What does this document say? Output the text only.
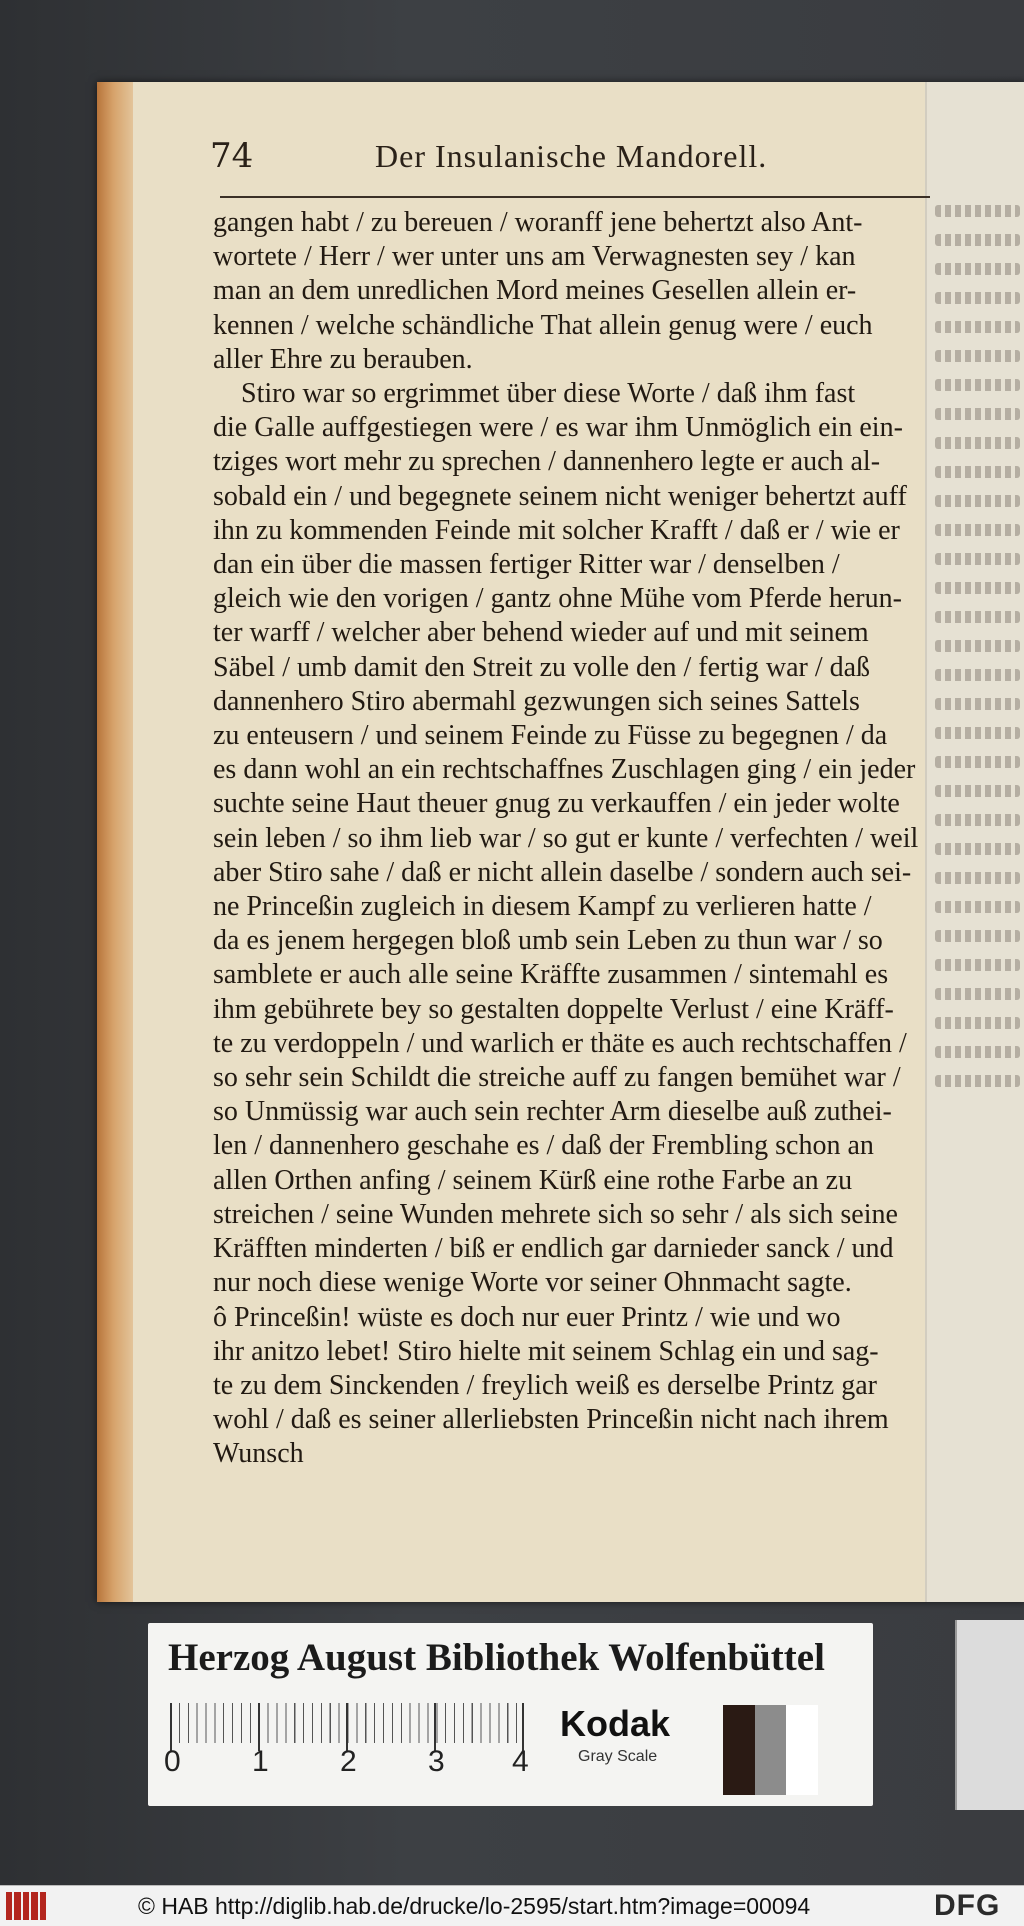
74	Der Insulanische Mandorell.
gangen habt / zu bereuen / woranff jene behertzt also Ant-
wortete / Herr / wer unter uns am Verwagnesten sey / kan
man an dem unredlichen Mord meines Gesellen allein er-
kennen / welche schändliche That allein genug were / euch
aller Ehre zu berauben.
Stiro war so ergrimmet über diese Worte / daß ihm fast
die Galle auffgestiegen were / es war ihm Unmöglich ein ein-
tziges wort mehr zu sprechen / dannenhero legte er auch al-
sobald ein / und begegnete seinem nicht weniger behertzt auff
ihn zu kommenden Feinde mit solcher Krafft / daß er / wie er
dan ein über die massen fertiger Ritter war / denselben /
gleich wie den vorigen / gantz ohne Mühe vom Pferde herun-
ter warff / welcher aber behend wieder auf und mit seinem
Säbel / umb damit den Streit zu volle den / fertig war / daß
dannenhero Stiro abermahl gezwungen sich seines Sattels
zu enteusern / und seinem Feinde zu Füsse zu begegnen / da
es dann wohl an ein rechtschaffnes Zuschlagen ging / ein jeder
suchte seine Haut theuer gnug zu verkauffen / ein jeder wolte
sein leben / so ihm lieb war / so gut er kunte / verfechten / weil
aber Stiro sahe / daß er nicht allein daselbe / sondern auch sei-
ne Princeßin zugleich in diesem Kampf zu verlieren hatte /
da es jenem hergegen bloß umb sein Leben zu thun war / so
samblete er auch alle seine Kräffte zusammen / sintemahl es
ihm gebührete bey so gestalten doppelte Verlust / eine Kräff-
te zu verdoppeln / und warlich er thäte es auch rechtschaffen /
so sehr sein Schildt die streiche auff zu fangen bemühet war /
so Unmüssig war auch sein rechter Arm dieselbe auß zuthei-
len / dannenhero geschahe es / daß der Frembling schon an
allen Orthen anfing / seinem Kürß eine rothe Farbe an zu
streichen / seine Wunden mehrete sich so sehr / als sich seine
Kräfften minderten / biß er endlich gar darnieder sanck / und
nur noch diese wenige Worte vor seiner Ohnmacht sagte.
ô Princeßin! wüste es doch nur euer Printz / wie und wo
ihr anitzo lebet! Stiro hielte mit seinem Schlag ein und sag-
te zu dem Sinckenden / freylich weiß es derselbe Printz gar
wohl / daß es seiner allerliebsten Princeßin nicht nach ihrem
Wunsch
Herzog August Bibliothek Wolfenbüttel
0 1 2 3 4
Kodak
Gray Scale
© HAB http://diglib.hab.de/drucke/lo-2595/start.htm?image=00094	DFG
